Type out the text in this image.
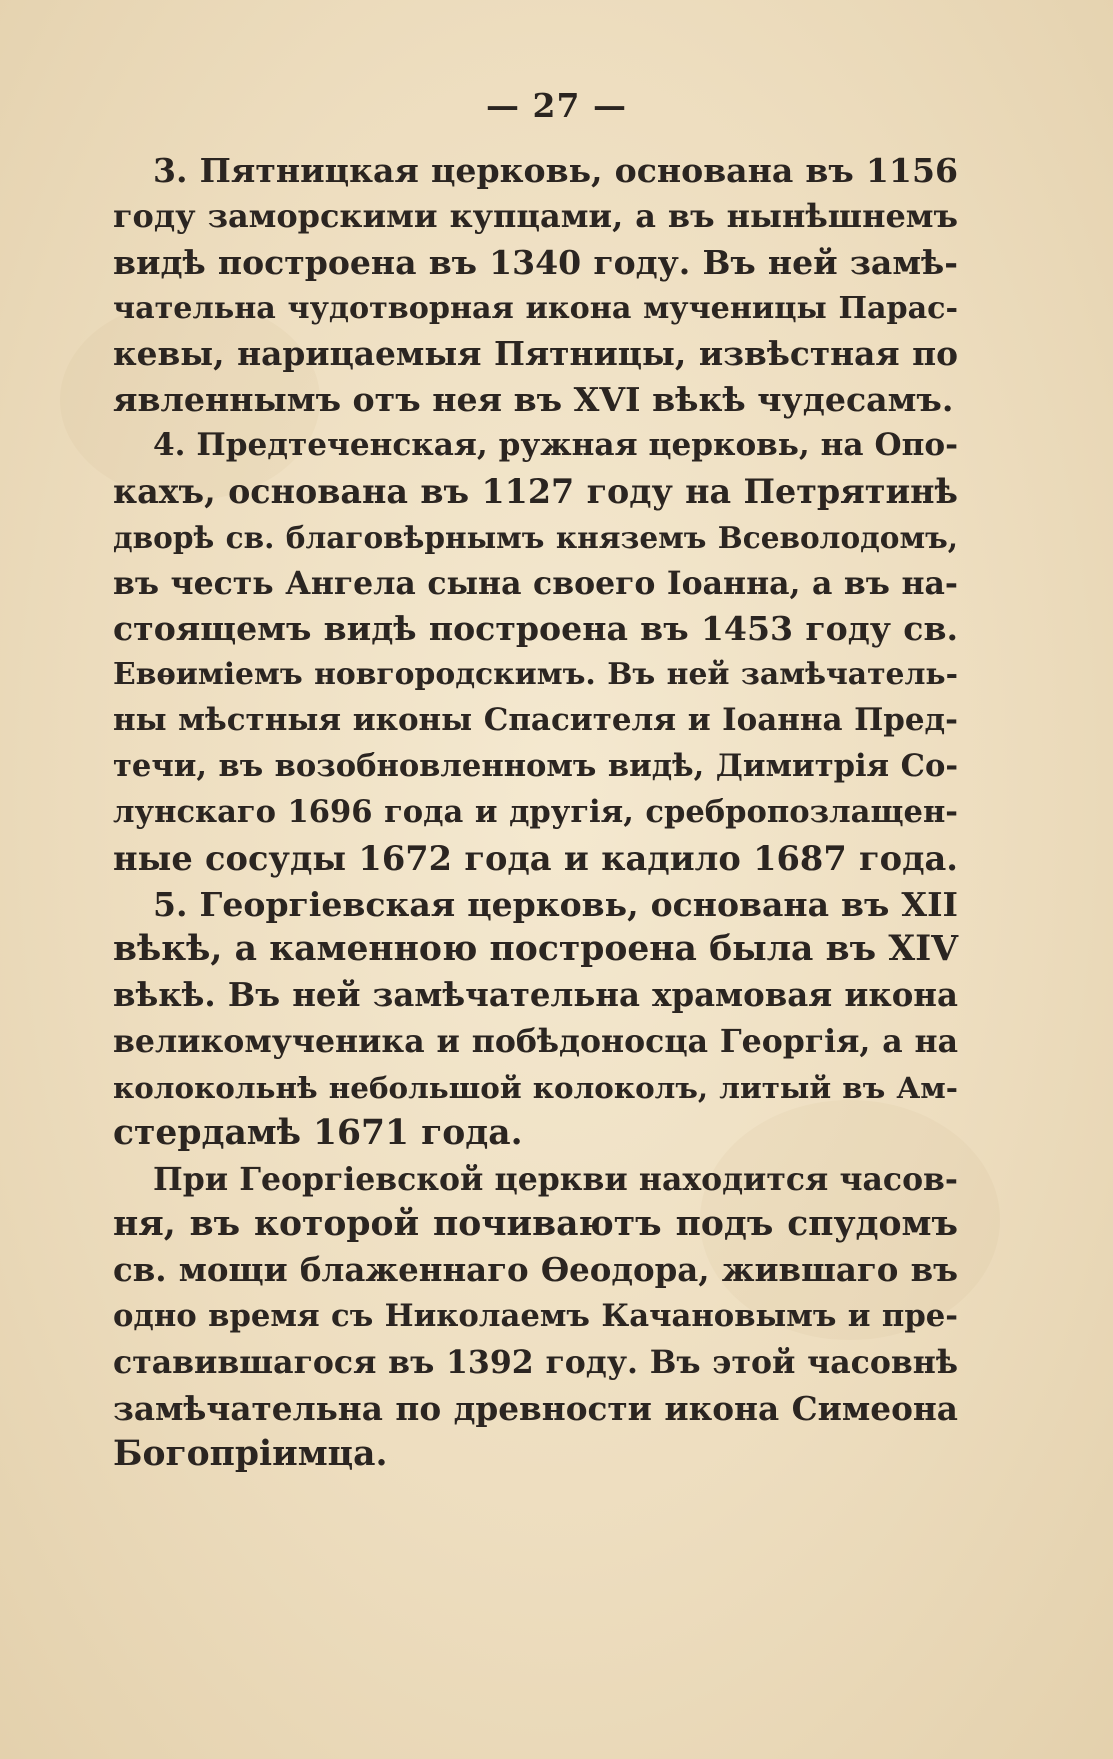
— 27 —
3. Пятницкая церковь, основана въ 1156
году заморскими купцами, а въ нынѣшнемъ
видѣ построена въ 1340 году. Въ ней замѣ-
чательна чудотворная икона мученицы Парас-
кевы, нарицаемыя Пятницы, извѣстная по
явленнымъ отъ нея въ XVI вѣкѣ чудесамъ.
4. Предтеченская, ружная церковь, на Опо-
кахъ, основана въ 1127 году на Петрятинѣ
дворѣ св. благовѣрнымъ княземъ Всеволодомъ,
въ честь Ангела сына своего Іоанна, а въ на-
стоящемъ видѣ построена въ 1453 году св.
Евѳиміемъ новгородскимъ. Въ ней замѣчатель-
ны мѣстныя иконы Спасителя и Іоанна Пред-
течи, въ возобновленномъ видѣ, Димитрія Со-
лунскаго 1696 года и другія, сребропозлащен-
ные сосуды 1672 года и кадило 1687 года.
5. Георгіевская церковь, основана въ XII
вѣкѣ, а каменною построена была въ XIV
вѣкѣ. Въ ней замѣчательна храмовая икона
великомученика и побѣдоносца Георгія, а на
колокольнѣ небольшой колоколъ, литый въ Ам-
стердамѣ 1671 года.
При Георгіевской церкви находится часов-
ня, въ которой почиваютъ подъ спудомъ
св. мощи блаженнаго Ѳеодора, жившаго въ
одно время съ Николаемъ Качановымъ и пре-
ставившагося въ 1392 году. Въ этой часовнѣ
замѣчательна по древности икона Симеона
Богопріимца.
